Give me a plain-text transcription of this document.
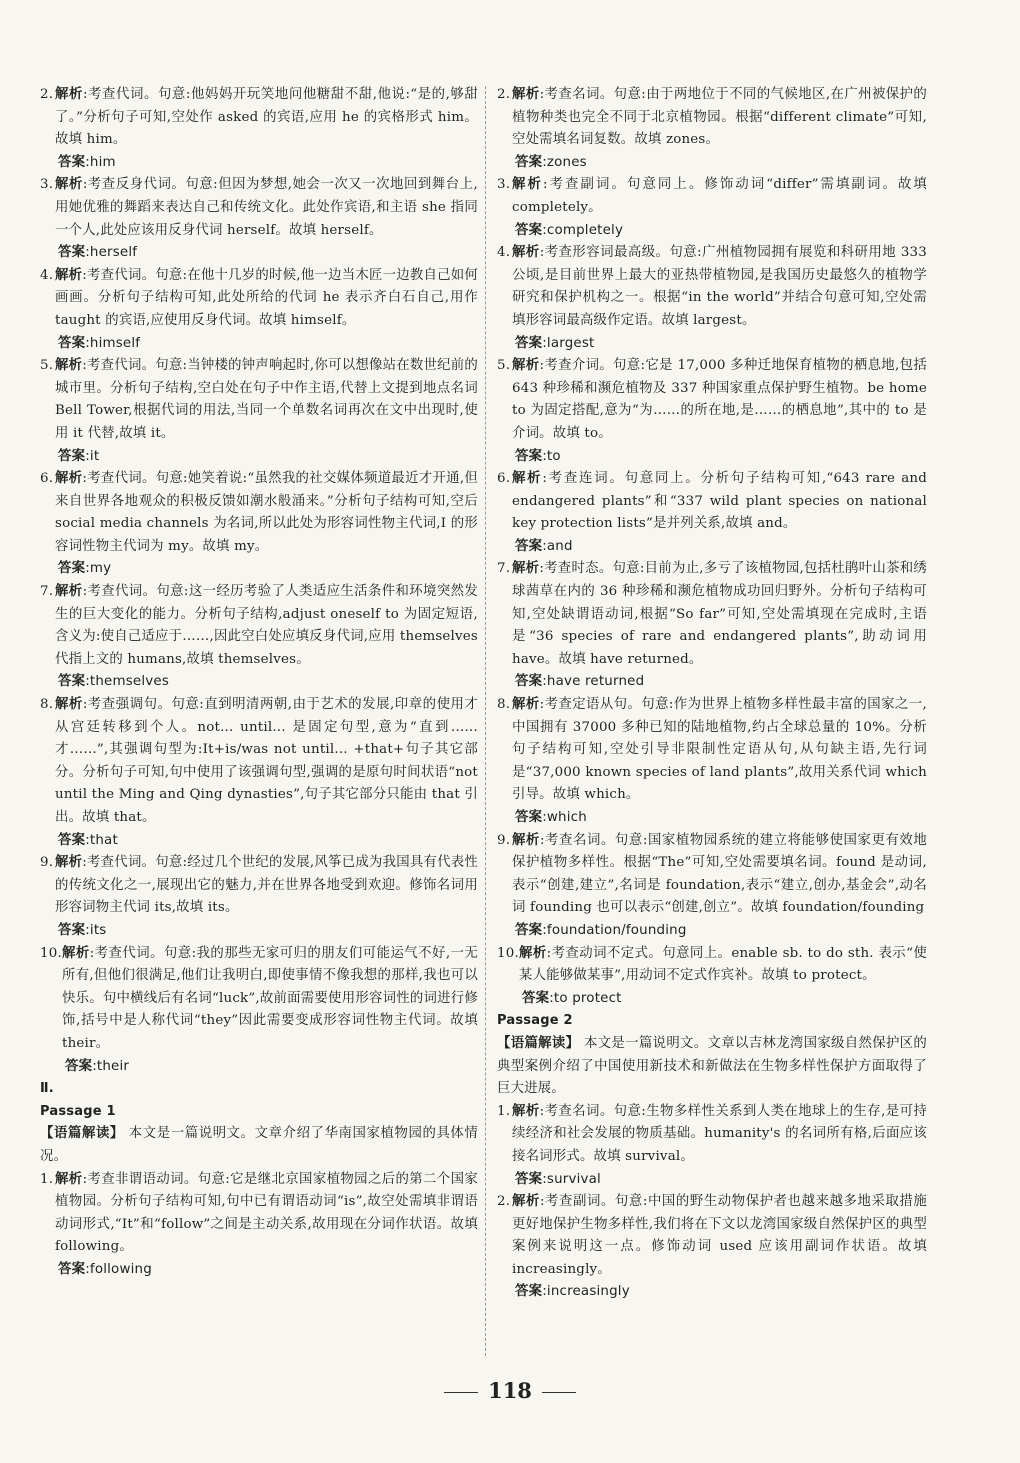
2. 解析:考查代词。句意:他妈妈开玩笑地问他糖甜不甜,他说:“是的,够甜了。”分析句子可知,空处作 asked 的宾语,应用 he 的宾格形式 him。故填 him。
答案:him
3. 解析:考查反身代词。句意:但因为梦想,她会一次又一次地回到舞台上,用她优雅的舞蹈来表达自己和传统文化。此处作宾语,和主语 she 指同一个人,此处应该用反身代词 herself。故填 herself。
答案:herself
4. 解析:考查代词。句意:在他十几岁的时候,他一边当木匠一边教自己如何画画。分析句子结构可知,此处所给的代词 he 表示齐白石自己,用作 taught 的宾语,应使用反身代词。故填 himself。
答案:himself
5. 解析:考查代词。句意:当钟楼的钟声响起时,你可以想像站在数世纪前的城市里。分析句子结构,空白处在句子中作主语,代替上文提到地点名词 Bell Tower,根据代词的用法,当同一个单数名词再次在文中出现时,使用 it 代替,故填 it。
答案:it
6. 解析:考查代词。句意:她笑着说:“虽然我的社交媒体频道最近才开通,但来自世界各地观众的积极反馈如潮水般涌来。”分析句子结构可知,空后 social media channels 为名词,所以此处为形容词性物主代词,I 的形容词性物主代词为 my。故填 my。
答案:my
7. 解析:考查代词。句意:这一经历考验了人类适应生活条件和环境突然发生的巨大变化的能力。分析句子结构,adjust oneself to 为固定短语,含义为:使自己适应于……,因此空白处应填反身代词,应用 themselves 代指上文的 humans,故填 themselves。
答案:themselves
8. 解析:考查强调句。句意:直到明清两朝,由于艺术的发展,印章的使用才从宫廷转移到个人。not... until... 是固定句型,意为“直到……才……”,其强调句型为:It+is/was not until... +that+句子其它部分。分析句子可知,句中使用了该强调句型,强调的是原句时间状语“not until the Ming and Qing dynasties”,句子其它部分只能由 that 引出。故填 that。
答案:that
9. 解析:考查代词。句意:经过几个世纪的发展,风筝已成为我国具有代表性的传统文化之一,展现出它的魅力,并在世界各地受到欢迎。修饰名词用形容词物主代词 its,故填 its。
答案:its
10. 解析:考查代词。句意:我的那些无家可归的朋友们可能运气不好,一无所有,但他们很满足,他们让我明白,即使事情不像我想的那样,我也可以快乐。句中横线后有名词“luck”,故前面需要使用形容词性的词进行修饰,括号中是人称代词“they”因此需要变成形容词性物主代词。故填 their。
答案:their
Ⅱ.
Passage 1
【语篇解读】 本文是一篇说明文。文章介绍了华南国家植物园的具体情况。
1. 解析:考查非谓语动词。句意:它是继北京国家植物园之后的第二个国家植物园。分析句子结构可知,句中已有谓语动词“is”,故空处需填非谓语动词形式,“It”和“follow”之间是主动关系,故用现在分词作状语。故填 following。
答案:following
2. 解析:考查名词。句意:由于两地位于不同的气候地区,在广州被保护的植物种类也完全不同于北京植物园。根据“different climate”可知,空处需填名词复数。故填 zones。
答案:zones
3. 解析:考查副词。句意同上。修饰动词“differ”需填副词。故填 completely。
答案:completely
4. 解析:考查形容词最高级。句意:广州植物园拥有展览和科研用地 333 公顷,是目前世界上最大的亚热带植物园,是我国历史最悠久的植物学研究和保护机构之一。根据“in the world”并结合句意可知,空处需填形容词最高级作定语。故填 largest。
答案:largest
5. 解析:考查介词。句意:它是 17,000 多种迁地保育植物的栖息地,包括 643 种珍稀和濒危植物及 337 种国家重点保护野生植物。be home to 为固定搭配,意为“为……的所在地,是……的栖息地”,其中的 to 是介词。故填 to。
答案:to
6. 解析:考查连词。句意同上。分析句子结构可知,“643 rare and endangered plants”和“337 wild plant species on national key protection lists”是并列关系,故填 and。
答案:and
7. 解析:考查时态。句意:目前为止,多亏了该植物园,包括杜鹃叶山茶和绣球茜草在内的 36 种珍稀和濒危植物成功回归野外。分析句子结构可知,空处缺谓语动词,根据“So far”可知,空处需填现在完成时,主语是“36 species of rare and endangered plants”,助动词用 have。故填 have returned。
答案:have returned
8. 解析:考查定语从句。句意:作为世界上植物多样性最丰富的国家之一,中国拥有 37000 多种已知的陆地植物,约占全球总量的 10%。分析句子结构可知,空处引导非限制性定语从句,从句缺主语,先行词是“37,000 known species of land plants”,故用关系代词 which 引导。故填 which。
答案:which
9. 解析:考查名词。句意:国家植物园系统的建立将能够使国家更有效地保护植物多样性。根据“The”可知,空处需要填名词。found 是动词,表示“创建,建立”,名词是 foundation,表示“建立,创办,基金会”,动名词 founding 也可以表示“创建,创立”。故填 foundation/founding
答案:foundation/founding
10. 解析:考查动词不定式。句意同上。enable sb. to do sth. 表示“使某人能够做某事”,用动词不定式作宾补。故填 to protect。
答案:to protect
Passage 2
【语篇解读】 本文是一篇说明文。文章以吉林龙湾国家级自然保护区的典型案例介绍了中国使用新技术和新做法在生物多样性保护方面取得了巨大进展。
1. 解析:考查名词。句意:生物多样性关系到人类在地球上的生存,是可持续经济和社会发展的物质基础。humanity's 的名词所有格,后面应该接名词形式。故填 survival。
答案:survival
2. 解析:考查副词。句意:中国的野生动物保护者也越来越多地采取措施更好地保护生物多样性,我们将在下文以龙湾国家级自然保护区的典型案例来说明这一点。修饰动词 used 应该用副词作状语。故填 increasingly。
答案:increasingly
118
